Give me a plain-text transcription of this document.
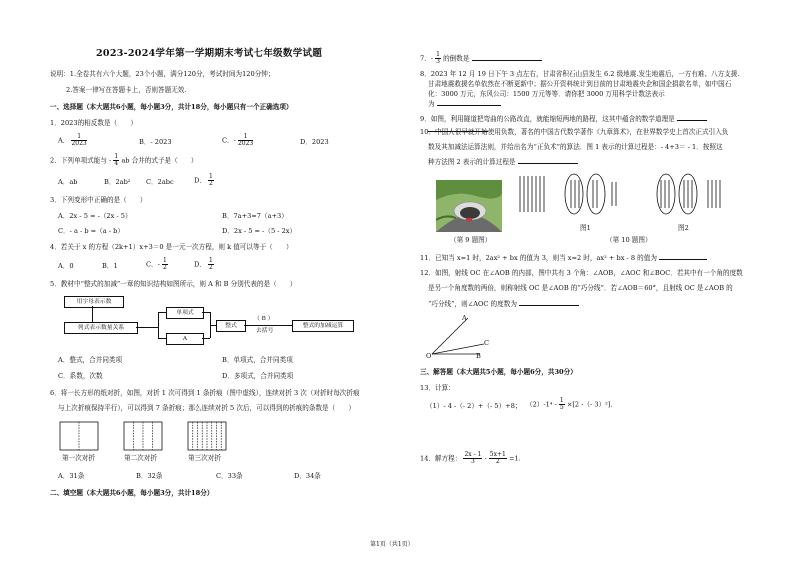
2023-2024学年第一学期期末考试七年级数学试题
说明：1.全卷共有六个大题，23个小题，满分120分，考试时间为120分钟；
2.答案一律写在答题卡上，否则答题无效.
一、选择题（本大题共6小题，每小题3分，共计18分，每小题只有一个正确选项）
1．2023的相反数是（　　）
A． $\frac{1}{2023}$	B．- 2023	C．- $\frac{1}{2023}$	D．2023
2．下列单项式能与 - $\frac{1}{4}$ ab 合并的式子是（　　）
A．ab	B．2ab² C．2abc	D． $\frac{1}{2}$
3．下列变形中正确的是（　　）
A．2x - 5 = -（2x - 5）	B．7a+3=7（a+3）
C．- a - b =（a - b）	D．2x - 5 = -（5 - 2x）
4．若关于 x 的方程（2k+1）x+3＝0 是一元一次方程，则 k 值可以等于（　　）
A．0	B．1	C．- $\frac{1}{2}$	D． $\frac{1}{2}$
5．教材中“整式的加减”一章的知识结构如图所示，则 A 和 B 分别代表的是（　　）
用字母表示数
列式表示数量关系
单项式
A
整式
（ B ）
去括号
整式的加减运算
A．整式，合并同类项	B．单项式，合并同类项
C．系数，次数	D．多项式，合并同类项
6．将一长方形的纸对折，如图，对折 1 次可得到 1 条折痕（图中虚线），连续对折 3 次（对折时每次折痕
与上次折痕保持平行），可以得到 7 条折痕；那么连续对折 5 次后，可以得到的折痕的条数是（　　）
第一次对折	第二次对折	第三次对折
A．31条	B．32条	C．33条	D．34条
二、填空题（本大题共6小题，每小题3分，共计18分）
7．- $\frac{1}{3}$ 的倒数是
8．2023 年 12 月 19 日下午 3 点左右，甘肃省积石山县发生 6.2 级地震.发生地震后，一方有难、八方支援.
甘肃地震救援名单依然在不断更新中；据公开资料统计到目前的甘肃地震央企和国企捐款名单，如中国石
化：3000 万元，东风公司：1500 万元等等．请你把 3000 万用科学计数法表示
为
9．如图，利用隧道把弯曲的公路改直，就能缩短两地的路程，这其中蕴含的数学道理是
10．中国人很早就开始使用负数，著名的中国古代数学著作《九章算术》，在世界数学史上首次正式引入负
数及其加减法运算法则，并给出名为“正负术”的算法．图 1 表示的计算过程是：- 4+3＝ - 1．按照这
种方法图 2 表示的计算过程是
（第 9 题图）
图1
（第 10 题图）
图2
11．已知当 x=1 时，2ax² + bx 的值为 3，则当 x=2 时，ax² + bx - 8 的值为
12．如图，射线 OC 在∠AOB 的内部，图中共有 3 个角：∠AOB，∠AOC 和∠BOC．若其中有一个角的度数
是另一个角度数的两倍，则称射线 OC 是∠AOB 的“巧分线”．若∠AOB＝60°，且射线 OC 是∠AOB 的
“巧分线”，则∠AOC 的度数为
A
C
B
O
三、解答题（本大题共5小题，每小题6分，共30分）
13．计算：
（1）- 4 -（- 2）+（- 5）+8； $(2)-1^4 - \frac{1}{5} \times[2$ -（- 3）²].
14．解方程： $\frac{2x - 1}{3} - \frac{5x+1}{2} =1$.
第1页（共1页）
